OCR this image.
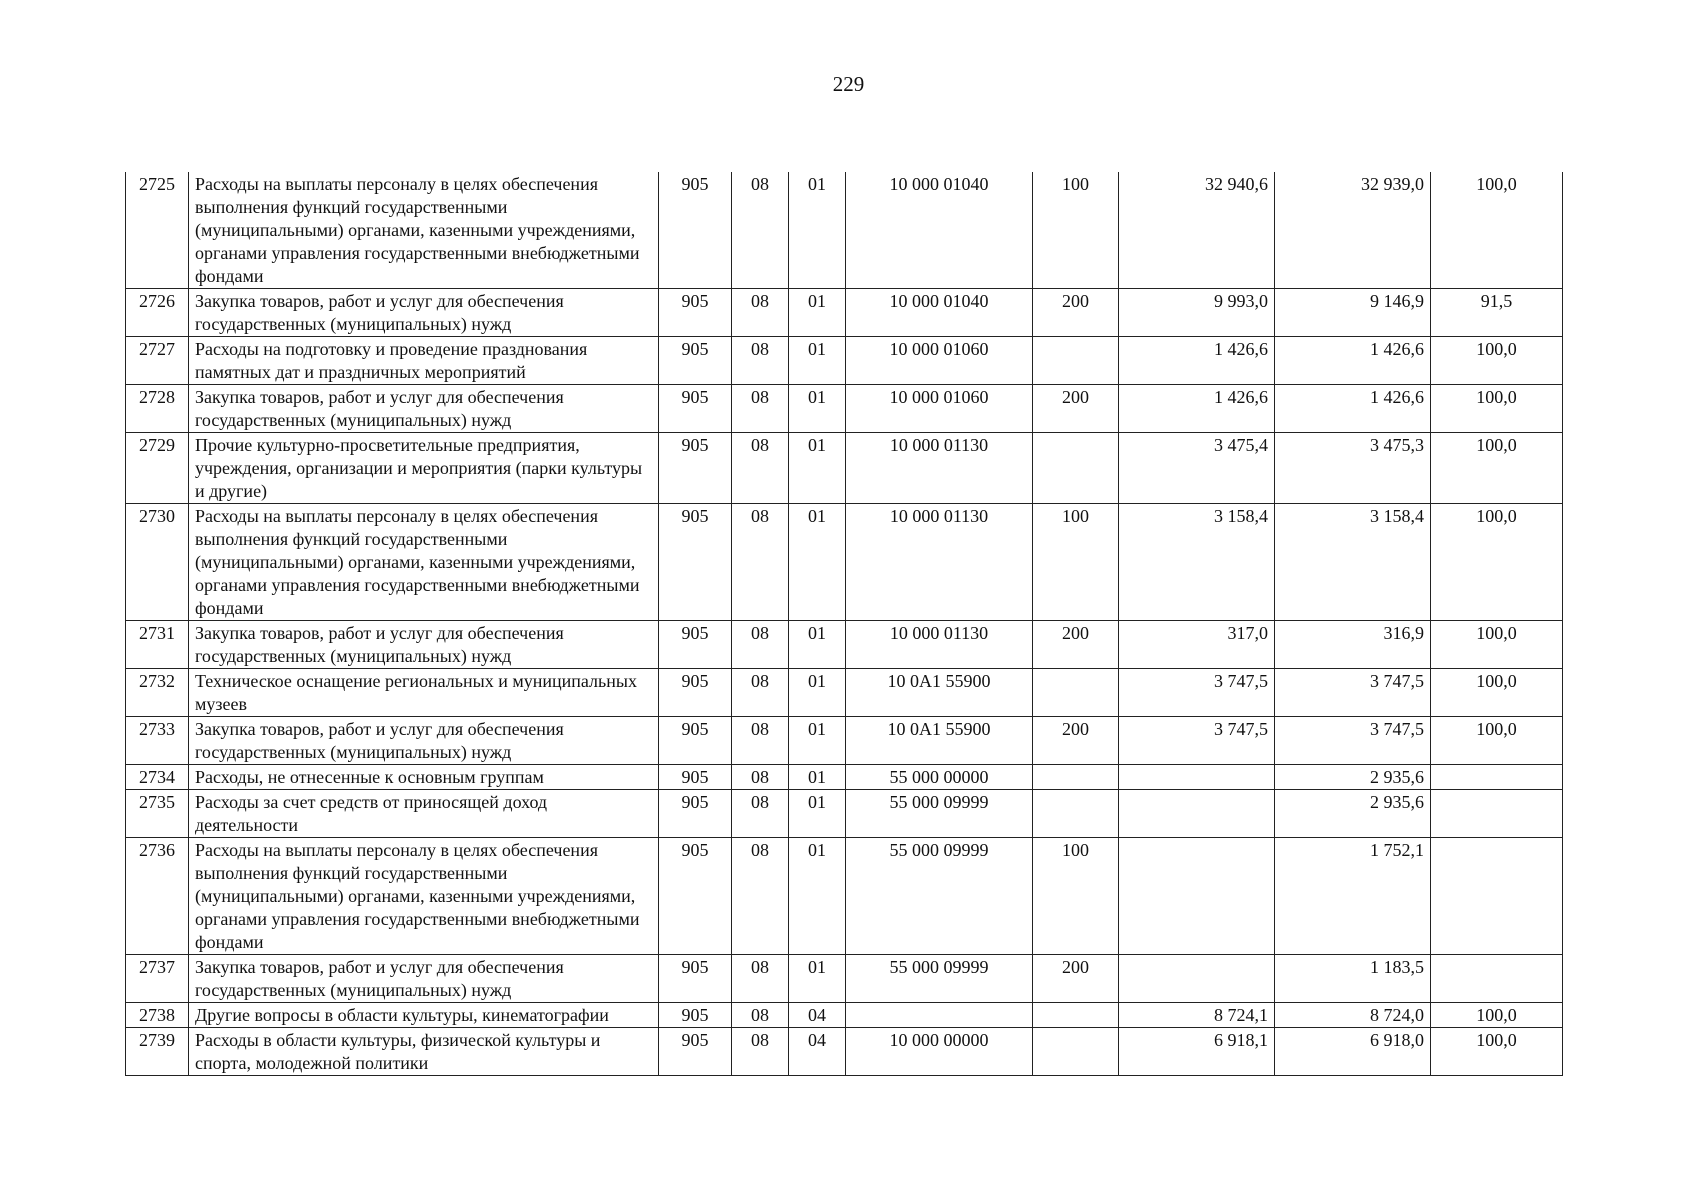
229
2725	Расходы на выплаты персоналу в целях обеспечения выполнения функций государственными (муниципальными) органами, казенными учреждениями, органами управления государственными внебюджетными фондами	905	08	01	10 000 01040	100	32 940,6	32 939,0	100,0
2726	Закупка товаров, работ и услуг для обеспечения государственных (муниципальных) нужд	905	08	01	10 000 01040	200	9 993,0	9 146,9	91,5
2727	Расходы на подготовку и проведение празднования памятных дат и праздничных мероприятий	905	08	01	10 000 01060		1 426,6	1 426,6	100,0
2728	Закупка товаров, работ и услуг для обеспечения государственных (муниципальных) нужд	905	08	01	10 000 01060	200	1 426,6	1 426,6	100,0
2729	Прочие культурно-просветительные предприятия, учреждения, организации и мероприятия (парки культуры и другие)	905	08	01	10 000 01130		3 475,4	3 475,3	100,0
2730	Расходы на выплаты персоналу в целях обеспечения выполнения функций государственными (муниципальными) органами, казенными учреждениями, органами управления государственными внебюджетными фондами	905	08	01	10 000 01130	100	3 158,4	3 158,4	100,0
2731	Закупка товаров, работ и услуг для обеспечения государственных (муниципальных) нужд	905	08	01	10 000 01130	200	317,0	316,9	100,0
2732	Техническое оснащение региональных и муниципальных музеев	905	08	01	10 0А1 55900		3 747,5	3 747,5	100,0
2733	Закупка товаров, работ и услуг для обеспечения государственных (муниципальных) нужд	905	08	01	10 0А1 55900	200	3 747,5	3 747,5	100,0
2734	Расходы, не отнесенные к основным группам	905	08	01	55 000 00000			2 935,6	
2735	Расходы за счет средств от приносящей доход деятельности	905	08	01	55 000 09999			2 935,6	
2736	Расходы на выплаты персоналу в целях обеспечения выполнения функций государственными (муниципальными) органами, казенными учреждениями, органами управления государственными внебюджетными фондами	905	08	01	55 000 09999	100		1 752,1	
2737	Закупка товаров, работ и услуг для обеспечения государственных (муниципальных) нужд	905	08	01	55 000 09999	200		1 183,5	
2738	Другие вопросы в области культуры, кинематографии	905	08	04			8 724,1	8 724,0	100,0
2739	Расходы в области культуры, физической культуры и спорта, молодежной политики	905	08	04	10 000 00000		6 918,1	6 918,0	100,0
